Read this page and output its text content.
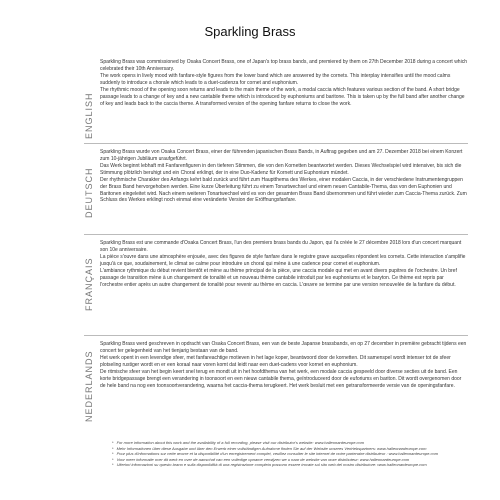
Sparkling Brass
ENGLISH

Sparkling Brass was commissioned by Osaka Concert Brass, one of Japan's top brass bands, and premiered by them on 27th December 2018 during a concert which celebrated their 10th Anniversary.

The work opens in lively mood with fanfare-style figures from the lower band which are answered by the cornets. This interplay intensifies until the mood calms suddenly to introduce a chorale which leads to a duet-cadenza for cornet and euphonium.

The rhythmic mood of the opening soon returns and leads to the main theme of the work, a modal caccia which features various section of the band. A short bridge passage leads to a change of key and a new cantabile theme which is introduced by euphoniums and baritone. This is taken up by the full band after another change of key and leads back to the caccia theme. A transformed version of the opening fanfare returns to close the work.

DEUTSCH

Sparkling Brass wurde von Osaka Concert Brass, einer der führenden japanischen Brass Bands, in Auftrag gegeben und am 27. Dezember 2018 bei einem Konzert zum 10-jährigen Jubiläum uraufgeführt.

Das Werk beginnt lebhaft mit Fanfarenfiguren in den tieferen Stimmen, die von den Kornetten beantwortet werden. Dieses Wechselspiel wird intensiver, bis sich die Stimmung plötzlich beruhigt und ein Choral erklingt, der in eine Duo-Kadenz für Kornett und Euphonium mündet.

Der rhythmische Charakter des Anfangs kehrt bald zurück und führt zum Hauptthema des Werkes, einer modalen Caccia, in der verschiedene Instrumentengruppen der Brass Band hervorgehoben werden. Eine kurze Überleitung führt zu einem Tonartwechsel und einem neuen Cantabile-Thema, das von den Euphonien und Baritonen eingeleitet wird. Nach einem weiteren Tonartwechsel wird es von der gesamten Brass Band übernommen und führt wieder zum Caccia-Thema zurück. Zum Schluss des Werkes erklingt noch einmal eine veränderte Version der Eröffnungsfanfare.

FRANÇAIS

Sparkling Brass est une commande d'Osaka Concert Brass, l'un des premiers brass bands du Japon, qui l'a créée le 27 décembre 2018 lors d'un concert marquant son 10e anniversaire.

La pièce s'ouvre dans une atmosphère enjouée, avec des figures de style fanfare dans le registre grave auxquelles répondent les cornets. Cette interaction s'amplifie jusqu'à ce que, soudainement, le climat se calme pour introduire un choral qui mène à une cadence pour cornet et euphonium.

L'ambiance rythmique du début revient bientôt et mène au thème principal de la pièce, une caccia modale qui met en avant divers pupitres de l'orchestre. Un bref passage de transition mène à un changement de tonalité et un nouveau thème cantabile introduit par les euphoniums et le baryton. Ce thème est repris par l'orchestre entier après un autre changement de tonalité pour revenir au thème en caccia. L'œuvre se termine par une version renouvelée de la fanfare du début.

NEDERLANDS

Sparkling Brass werd geschreven in opdracht van Osaka Concert Brass, een van de beste Japanse brassbands, en op 27 december in première gebracht tijdens een concert ter gelegenheid van het tienjarig bestaan van de band.

Het werk opent in een levendige sfeer, met fanfareachtige motieven in het lage koper, beantwoord door de kornetten. Dit samenspel wordt intenser tot de sfeer plotseling rustiger wordt en er een koraal naar voren komt dat leidt naar een duet-cadens voor kornet en euphonium.

De ritmische sfeer van het begin keert snel terug en mondt uit in het hoofdthema van het werk, een modale caccia gespeeld door diverse secties uit de band. Een korte bridgepassage brengt een verandering in toonsoort en een nieuw cantabile thema, geïntroduceerd door de euforiums en bariton. Dit wordt overgenomen door de hele band na nog een toonsoortverandering, waarna het caccia-thema terugkeert. Het werk besluit met een getransformeerde versie van de openingsfanfare.

* For more information about this work and the availability of a full recording, please visit our distributor's website: www.halleonardeurope.com

* Mehr Informationen über diese Ausgabe und über den Erwerb einer vollständigen Aufnahme finden Sie auf der Website unseres Vertriebspartners: www.halleonardeurope.com

* Pour plus d'informations sur cette œuvre et la disponibilité d'un enregistrement complet, veuillez consulter le site internet de notre partenaire distributeur : www.halleonardeurope.com

* Voor meer informatie over dit werk en over de aanschaf van een volledige opname verwijzen we u naar de website van onze distributeur: www.halleonardeurope.com

* Ulteriori informazioni su questo brano e sulla disponibilità di una registrazione completa possono essere trovate sul sito web del nostro distributore: www.halleonardeurope.com
